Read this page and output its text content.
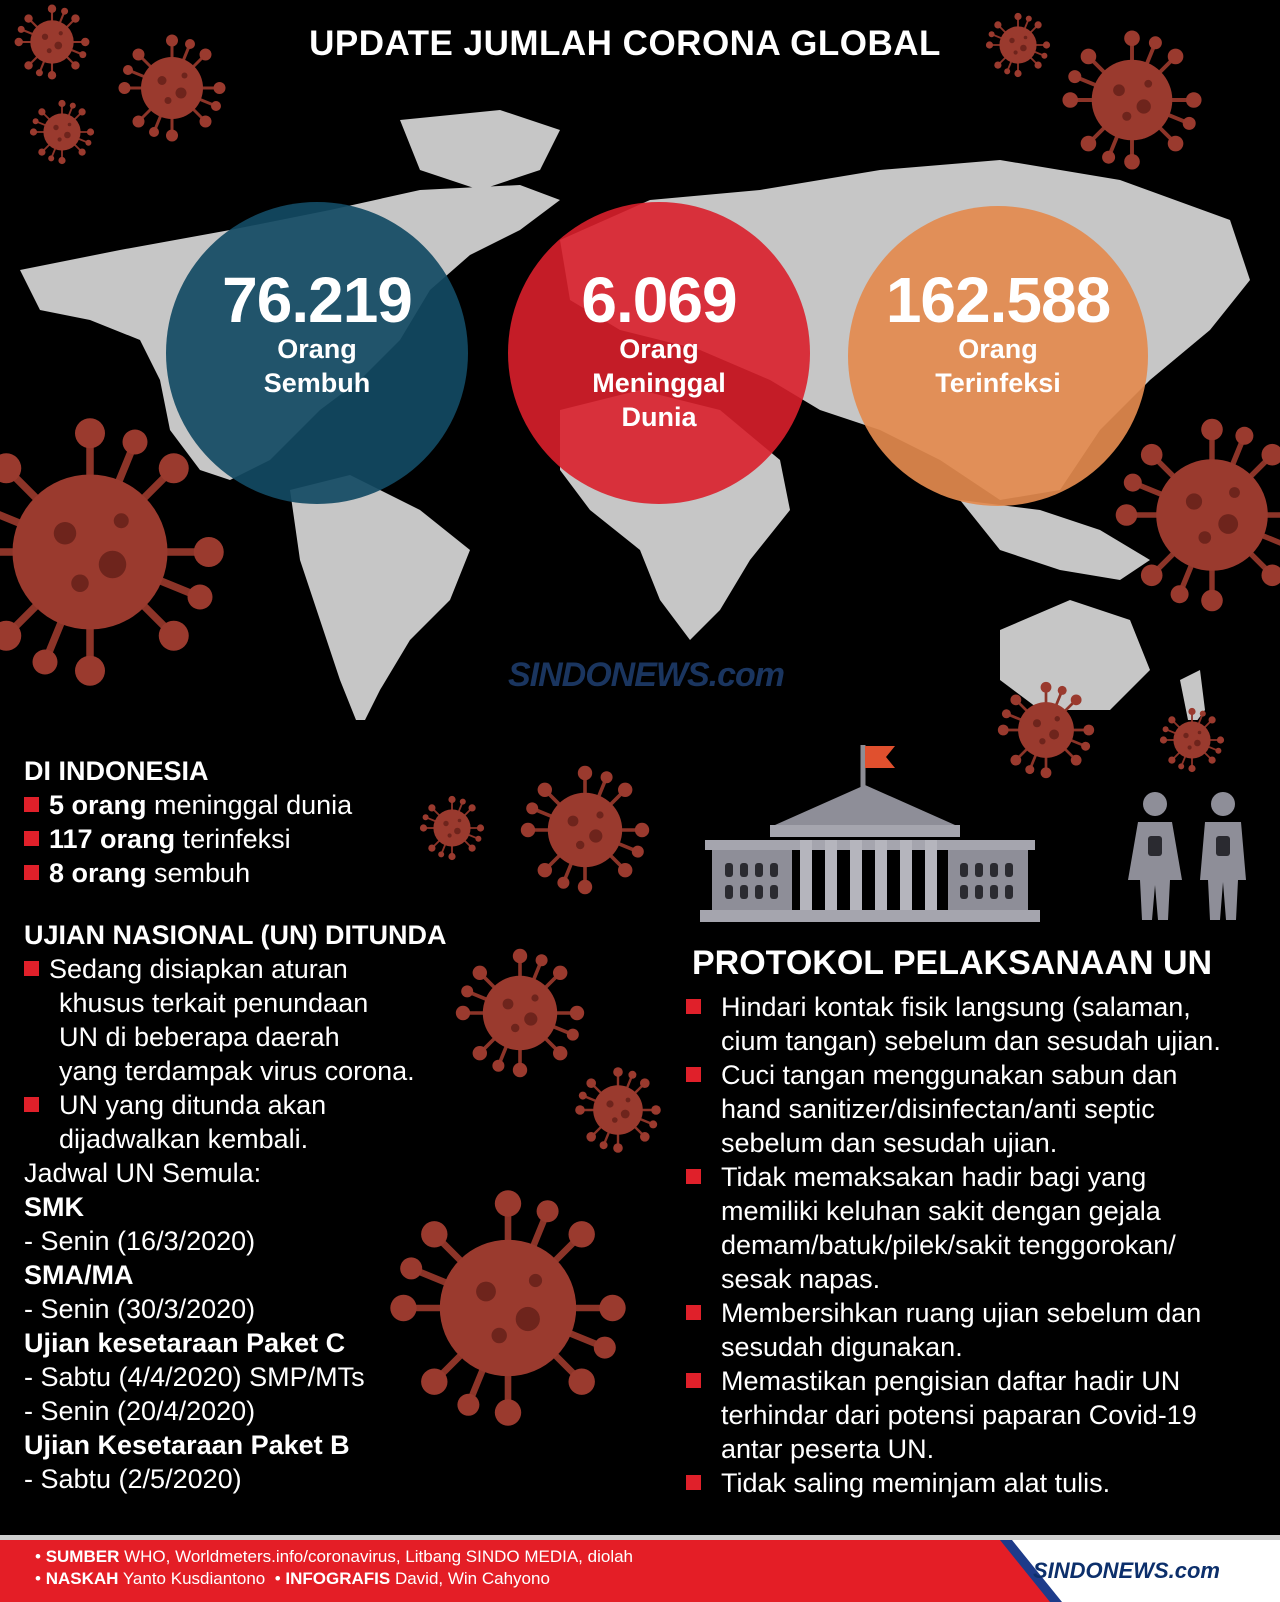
UPDATE JUMLAH CORONA GLOBAL
76.219
Orang
Sembuh
6.069
Orang
Meninggal
Dunia
162.588
Orang
Terinfeksi
SINDONEWS.com
DI INDONESIA
5 orang meninggal dunia
117 orang terinfeksi
8 orang sembuh
UJIAN NASIONAL (UN) DITUNDA
Sedang disiapkan aturan
khusus terkait penundaan
UN di beberapa daerah
yang terdampak virus corona.
UN yang ditunda akan
dijadwalkan kembali.
Jadwal UN Semula:
SMK
- Senin (16/3/2020)
SMA/MA
- Senin (30/3/2020)
Ujian kesetaraan Paket C
- Sabtu (4/4/2020) SMP/MTs
- Senin (20/4/2020)
Ujian Kesetaraan Paket B
- Sabtu (2/5/2020)
PROTOKOL PELAKSANAAN UN
Hindari kontak fisik langsung (salaman,
cium tangan) sebelum dan sesudah ujian.
Cuci tangan menggunakan sabun dan
hand sanitizer/disinfectan/anti septic
sebelum dan sesudah ujian.
Tidak memaksakan hadir bagi yang
memiliki keluhan sakit dengan gejala
demam/batuk/pilek/sakit tenggorokan/
sesak napas.
Membersihkan ruang ujian sebelum dan
sesudah digunakan.
Memastikan pengisian daftar hadir UN
terhindar dari potensi paparan Covid-19
antar peserta UN.
Tidak saling meminjam alat tulis.
• SUMBER WHO, Worldmeters.info/coronavirus, Litbang SINDO MEDIA, diolah
• NASKAH Yanto Kusdiantono  • INFOGRAFIS David, Win Cahyono	SINDONEWS.com
